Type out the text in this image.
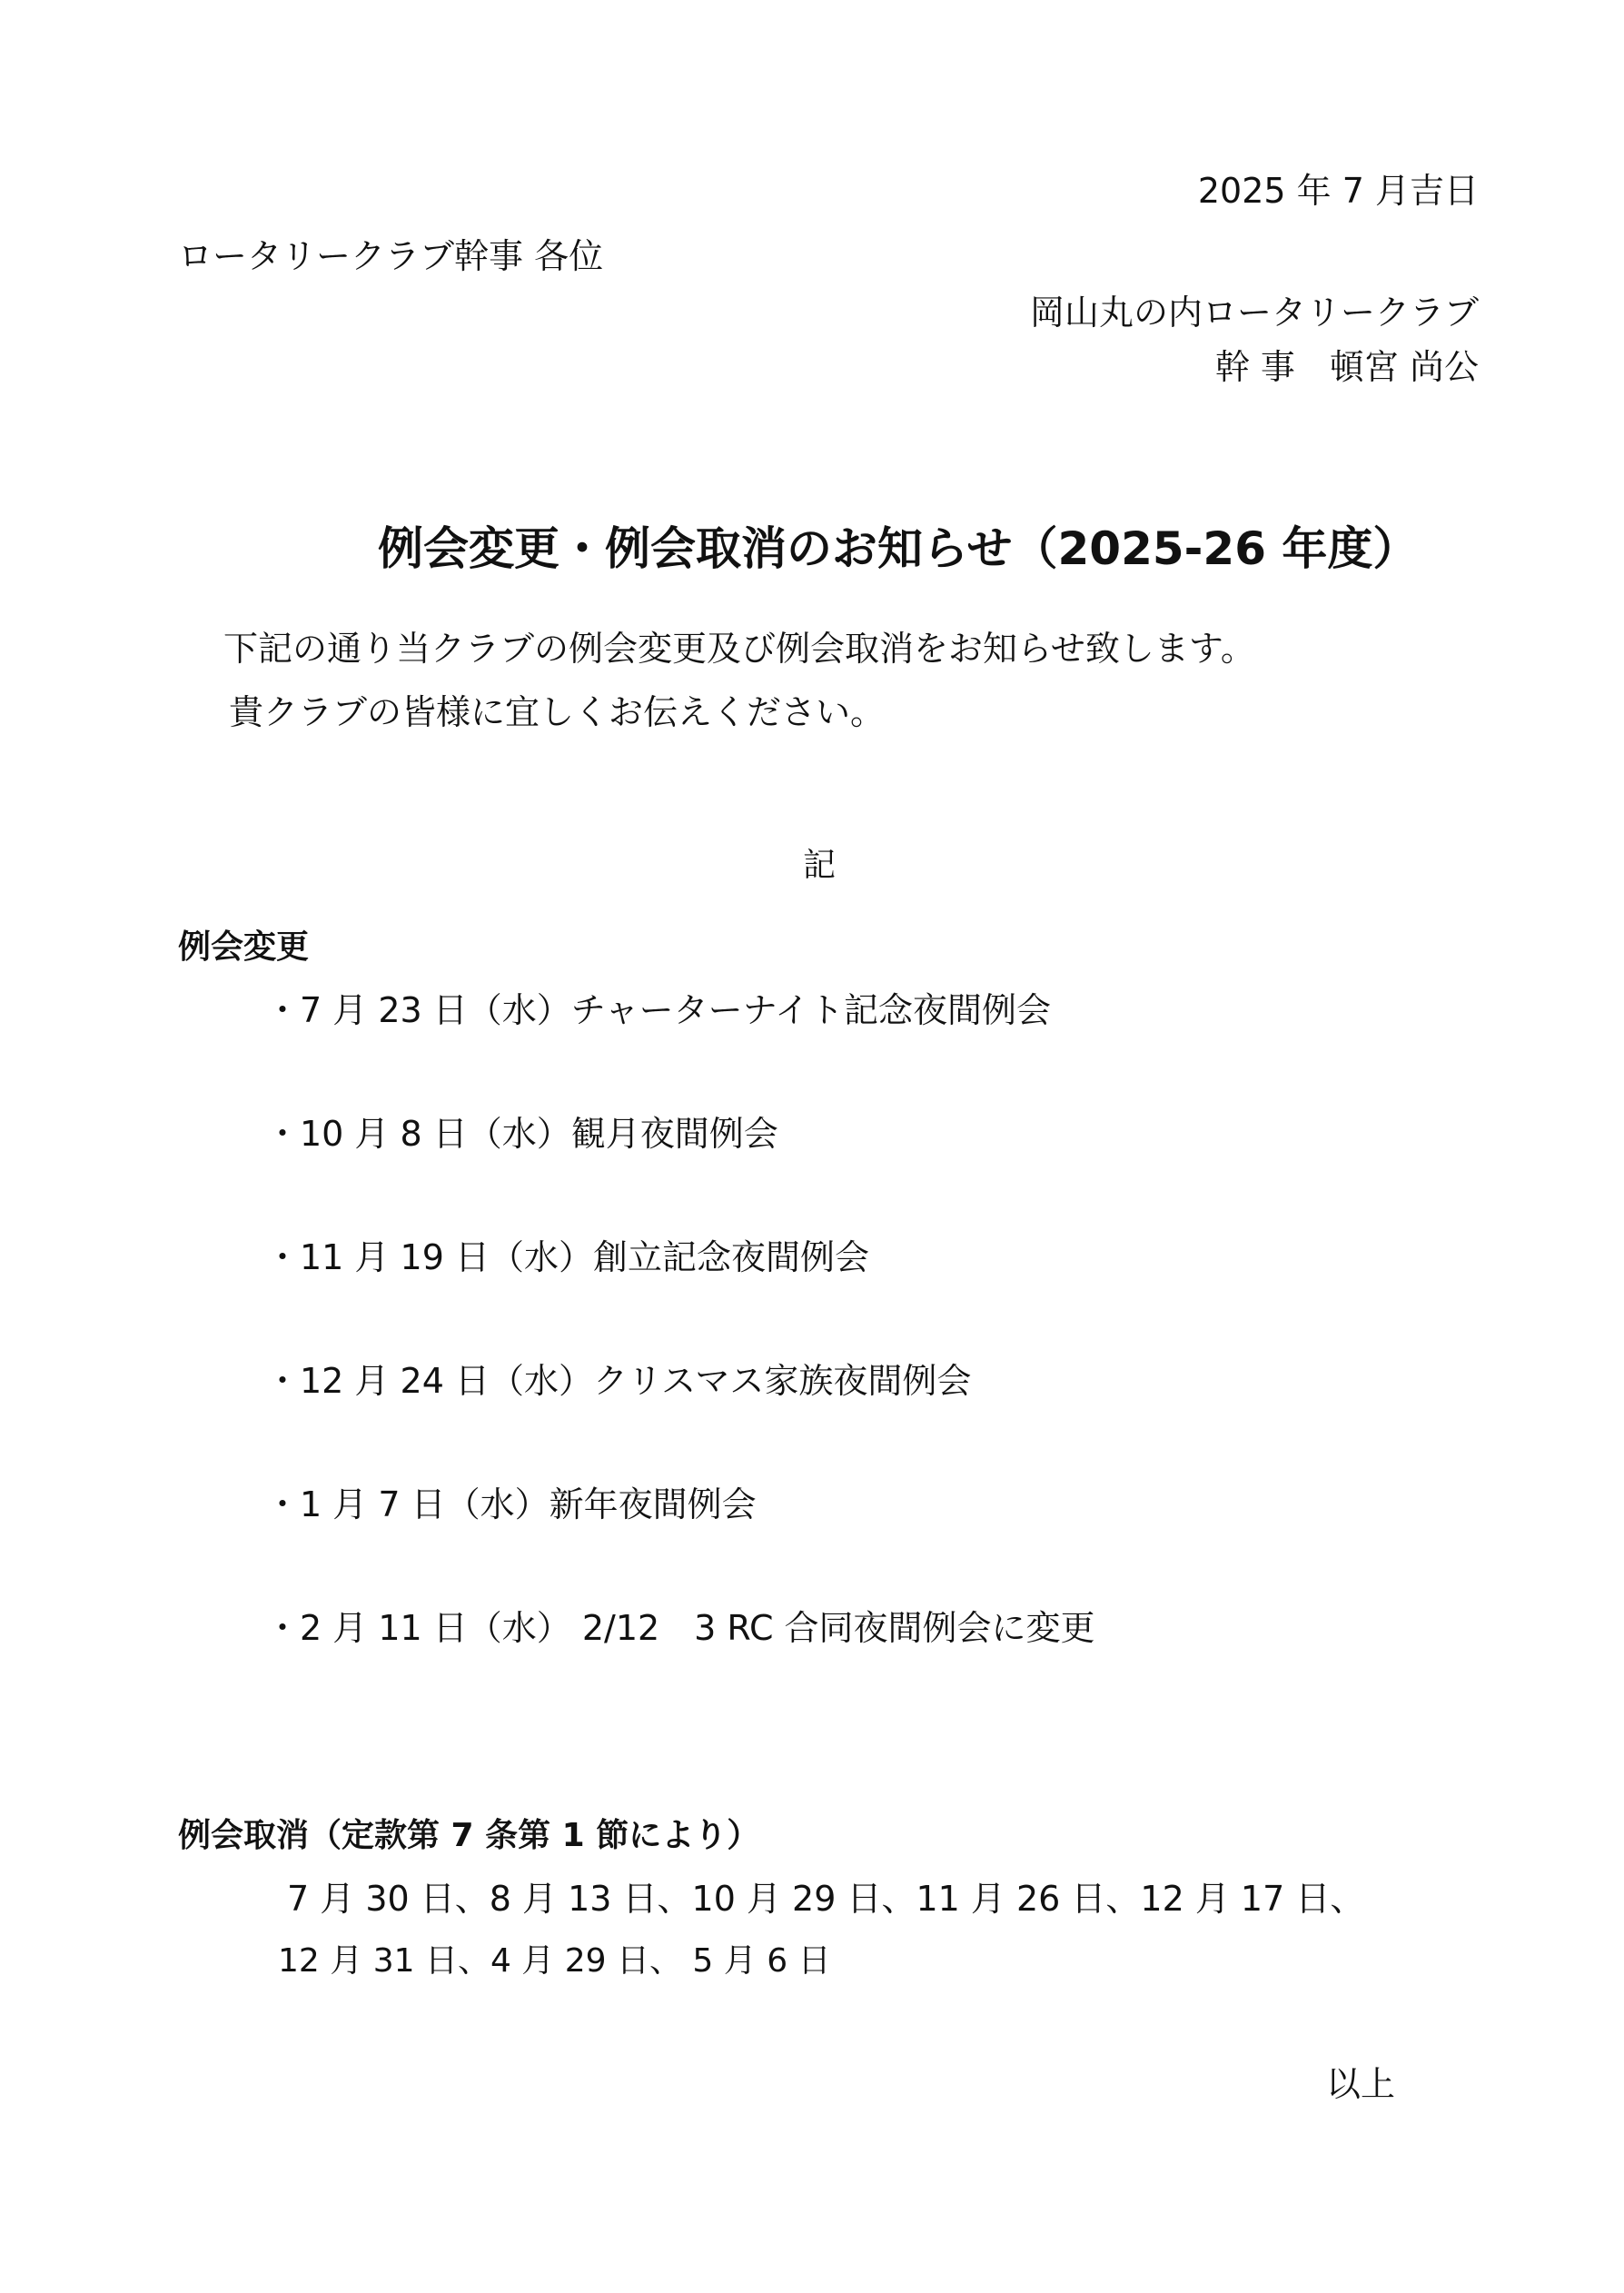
2025 年 7 月吉日
ロータリークラブ幹事 各位
岡山丸の内ロータリークラブ
幹 事　頓宮 尚公
例会変更・例会取消のお知らせ（2025-26 年度）
下記の通り当クラブの例会変更及び例会取消をお知らせ致します。
貴クラブの皆様に宜しくお伝えください。
記
例会変更
・7 月 23 日（水）チャーターナイト記念夜間例会
・10 月 8 日（水）観月夜間例会
・11 月 19 日（水）創立記念夜間例会
・12 月 24 日（水）クリスマス家族夜間例会
・1 月 7 日（水）新年夜間例会
・2 月 11 日（水） 2/12　3 RC 合同夜間例会に変更
例会取消（定款第 7 条第 1 節により）
7 月 30 日、8 月 13 日、10 月 29 日、11 月 26 日、12 月 17 日、
12 月 31 日、4 月 29 日、 5 月 6 日
以上
